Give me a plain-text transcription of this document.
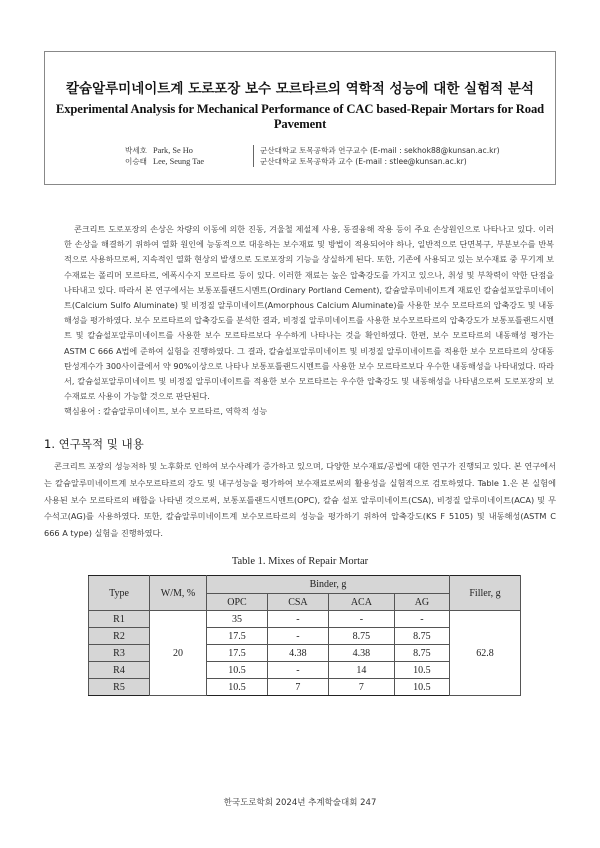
칼슘알루미네이트계 도로포장 보수 모르타르의 역학적 성능에 대한 실험적 분석
Experimental Analysis for Mechanical Performance of CAC based-Repair Mortars for Road Pavement
박세호 Park, Se Ho	군산대학교 토목공학과 연구교수 (E-mail : sekhok88@kunsan.ac.kr)
이승태 Lee, Seung Tae	군산대학교 토목공학과 교수 (E-mail : stlee@kunsan.ac.kr)

콘크리트 도로포장의 손상은 차량의 이동에 의한 진동, 겨울철 제설제 사용, 동결융해 작용 등이 주요 손상원인으로 나타나고 있다. 이러한 손상을 해결하기 위하여 열화 원인에 능동적으로 대응하는 보수재료 및 방법이 적용되어야 하나, 일반적으로 단면복구, 부분보수를 반복적으로 사용하므로써, 지속적인 열화 현상의 발생으로 도로포장의 기능을 상실하게 된다. 또한, 기존에 사용되고 있는 보수재료 중 무기계 보수재료는 폴리머 모르타르, 에폭시수지 모르타르 등이 있다. 이러한 재료는 높은 압축강도를 가지고 있으나, 취성 및 부착력이 약한 단점을 나타내고 있다. 따라서 본 연구에서는 보통포틀랜드시멘트(Ordinary Portland Cement), 칼슘알루미네이트계 재료인 칼슘설포알루미네이트(Calcium Sulfo Aluminate) 및 비정질 알루미네이트(Amorphous Calcium Aluminate)를 사용한 보수 모르타르의 압축강도 및 내동해성을 평가하였다. 보수 모르타르의 압축강도를 분석한 결과, 비정질 알루미네이트를 사용한 보수모르타르의 압축강도가 보통포틀랜드시멘트 및 칼슘설포알루미네이트를 사용한 보수 모르타르보다 우수하게 나타나는 것을 확인하였다. 한편, 보수 모르타르의 내동해성 평가는 ASTM C 666 A법에 준하여 실험을 진행하였다. 그 결과, 칼슘설포알루미네이트 및 비정질 알루미네이트를 적용한 보수 모르타르의 상대동탄성계수가 300사이클에서 약 90%이상으로 나타나 보통포틀랜드시멘트를 사용한 보수 모르타르보다 우수한 내동해성을 나타내었다. 따라서, 칼슘설포알루미네이트 및 비정질 알루미네이트를 적용한 보수 모르타르는 우수한 압축강도 및 내동해성을 나타냄으로써 도로포장의 보수재료로 사용이 가능할 것으로 판단된다.

핵심용어 : 칼슘알루미네이트, 보수 모르타르, 역학적 성능

1. 연구목적 및 내용

콘크리트 포장의 성능저하 및 노후화로 인하여 보수사례가 증가하고 있으며, 다양한 보수재료/공법에 대한 연구가 진행되고 있다. 본 연구에서는 칼슘알루미네이트계 보수모르타르의 강도 및 내구성능을 평가하여 보수재료로써의 활용성을 실험적으로 검토하였다. Table 1.은 본 실험에 사용된 보수 모르타르의 배합을 나타낸 것으로써, 보통포틀랜드시멘트(OPC), 칼슘 설포 알루미네이트(CSA), 비정질 알루미네이트(ACA) 및 무수석고(AG)를 사용하였다. 또한, 칼슘알루미네이트계 보수모르타르의 성능을 평가하기 위하여 압축강도(KS F 5105) 및 내동해성(ASTM C 666 A type) 실험을 진행하였다.

Table 1. Mixes of Repair Mortar
Type	W/M, %	Binder, g				Filler, g
		OPC	CSA	ACA	AG	
R1	20	35	-	-	-	62.8
R2		17.5	-	8.75	8.75	
R3		17.5	4.38	4.38	8.75	
R4		10.5	-	14	10.5	
R5		10.5	7	7	10.5	
한국도로학회 2024년 추계학술대회 247
